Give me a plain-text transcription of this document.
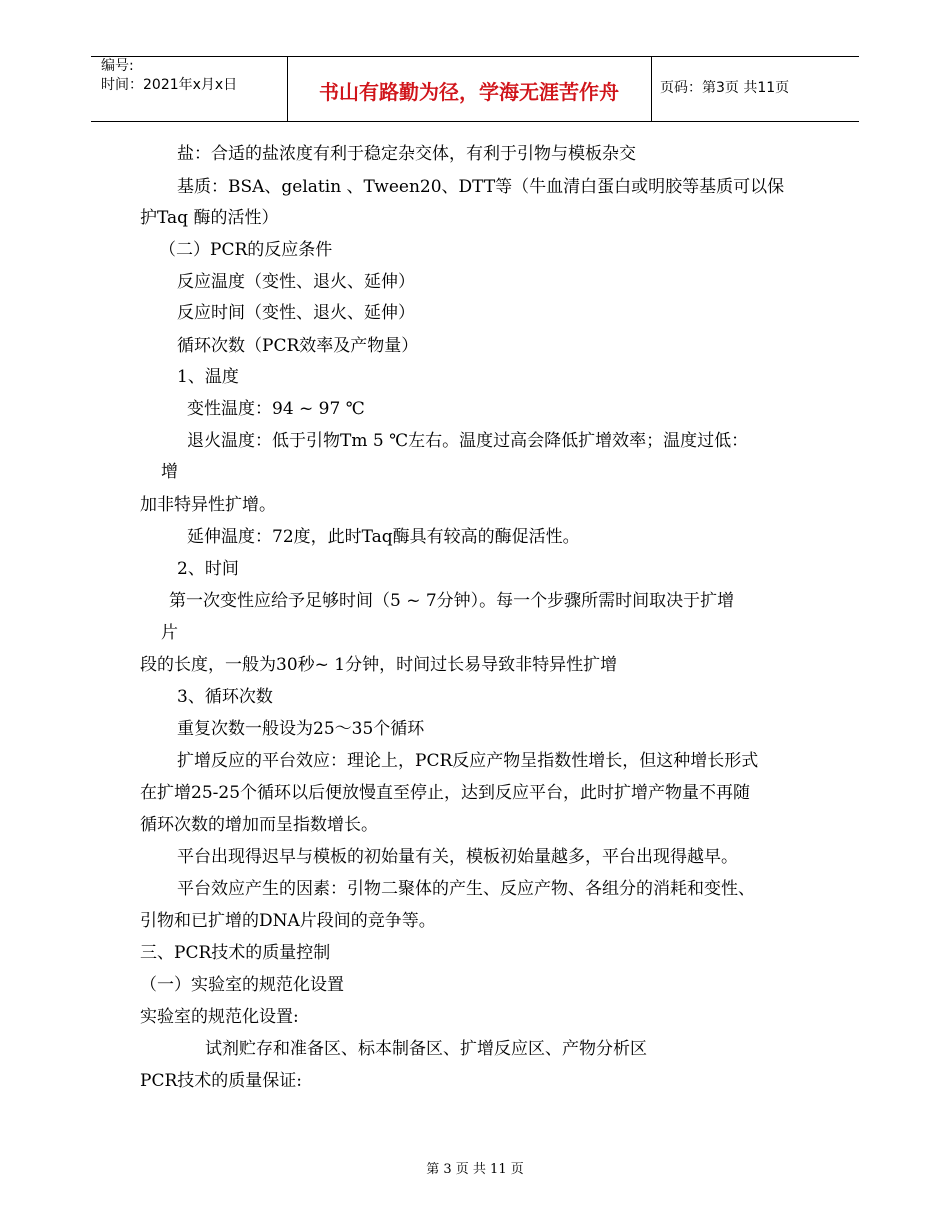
编号:
时间：2021年x月x日	书山有路勤为径，学海无涯苦作舟	页码：第3页 共11页
盐：合适的盐浓度有利于稳定杂交体，有利于引物与模板杂交
基质：BSA、gelatin 、Tween20、DTT等（牛血清白蛋白或明胶等基质可以保
护Taq 酶的活性）
（二）PCR的反应条件
反应温度（变性、退火、延伸）
反应时间（变性、退火、延伸）
循环次数（PCR效率及产物量）
1、温度
变性温度：94 ~ 97 ℃
退火温度：低于引物Tm 5 ℃左右。温度过高会降低扩增效率；温度过低：
增
加非特异性扩增。
延伸温度：72度，此时Taq酶具有较高的酶促活性。
2、时间
第一次变性应给予足够时间（5 ~ 7分钟）。每一个步骤所需时间取决于扩增
片
段的长度，一般为30秒~ 1分钟，时间过长易导致非特异性扩增
3、循环次数
重复次数一般设为25～35个循环
扩增反应的平台效应：理论上，PCR反应产物呈指数性增长，但这种增长形式
在扩增25-25个循环以后便放慢直至停止，达到反应平台，此时扩增产物量不再随
循环次数的增加而呈指数增长。
平台出现得迟早与模板的初始量有关，模板初始量越多，平台出现得越早。
平台效应产生的因素：引物二聚体的产生、反应产物、各组分的消耗和变性、
引物和已扩增的DNA片段间的竞争等。
三、PCR技术的质量控制
（一）实验室的规范化设置
实验室的规范化设置:
试剂贮存和准备区、标本制备区、扩增反应区、产物分析区
PCR技术的质量保证:
第 3 页 共 11 页
